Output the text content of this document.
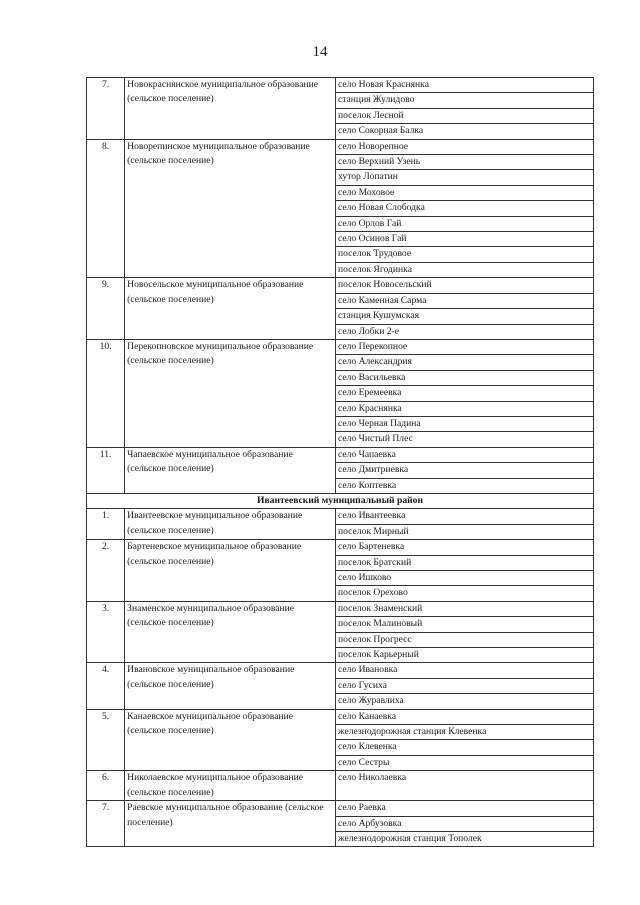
14
7.	Новокраснянское муниципальное образование (сельское поселение)	село Новая Краснянка
		станция Жулидово
		поселок Лесной
		село Сокорная Балка
8.	Новорепинское муниципальное образование (сельское поселение)	село Новорепное
		село Верхний Узень
		хутор Лопатин
		село Моховое
		село Новая Слободка
		село Орлов Гай
		село Осинов Гай
		поселок Трудовое
		поселок Ягодинка
9.	Новосельское муниципальное образование (сельское поселение)	поселок Новосельский
		село Каменная Сарма
		станция Кушумская
		село Лобки 2-е
10.	Перекопновское муниципальное образование (сельское поселение)	село Перекопное
		село Александрия
		село Васильевка
		село Еремеевка
		село Краснянка
		село Черная Падина
		село Чистый Плес
11.	Чапаевское муниципальное образование (сельское поселение)	село Чапаевка
		село Дмитриевка
		село Коптевка
Ивантеевский муниципальный район		
1.	Ивантеевское муниципальное образование (сельское поселение)	село Ивантеевка
		поселок Мирный
2.	Бартеневское муниципальное образование (сельское поселение)	село Бартеневка
		поселок Братский
		село Ишково
		поселок Орехово
3.	Знаменское муниципальное образование (сельское поселение)	поселок Знаменский
		поселок Малиновый
		поселок Прогресс
		поселок Карьерный
4.	Ивановское муниципальное образование (сельское поселение)	село Ивановка
		село Гусиха
		село Журавлиха
5.	Канаевское муниципальное образование (сельское поселение)	село Канаевка
		железнодорожная станция Клевенка
		село Клевенка
		село Сестры
6.	Николаевское муниципальное образование (сельское поселение)	село Николаевка
7.	Раевское муниципальное образование (сельское поселение)	село Раевка
		село Арбузовка
		железнодорожная станция Тополек
